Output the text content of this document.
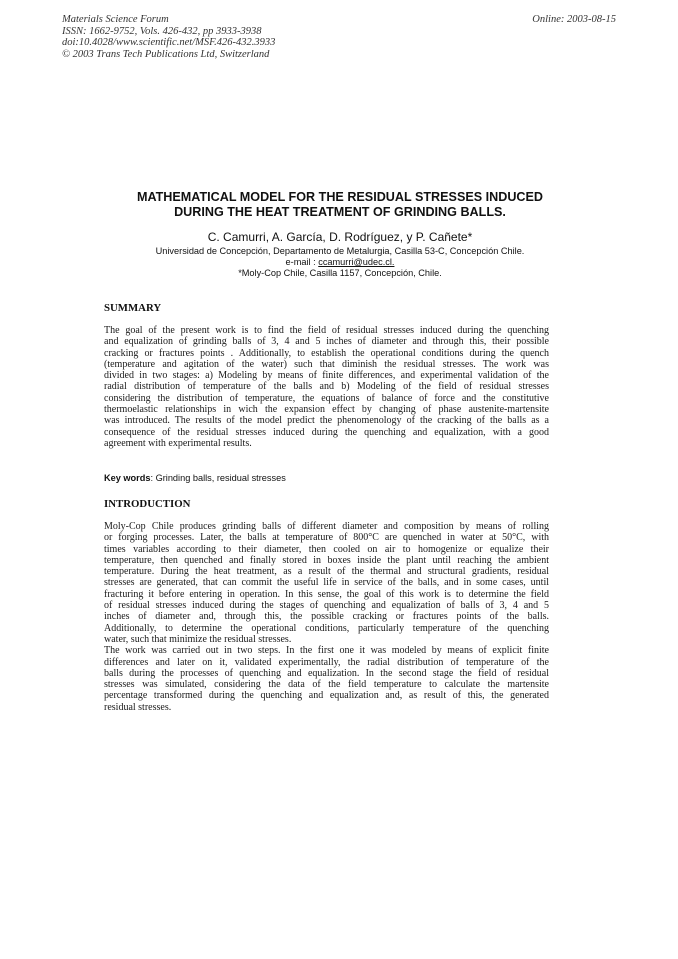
Materials Science Forum
ISSN: 1662-9752, Vols. 426-432, pp 3933-3938
doi:10.4028/www.scientific.net/MSF.426-432.3933
© 2003 Trans Tech Publications Ltd, Switzerland
Online: 2003-08-15
MATHEMATICAL MODEL FOR THE RESIDUAL STRESSES INDUCED
DURING THE HEAT TREATMENT OF GRINDING BALLS.
C. Camurri, A. García, D. Rodríguez, y P. Cañete*
Universidad de Concepción, Departamento de Metalurgia, Casilla 53-C, Concepción Chile.
e-mail : ccamurri@udec.cl.
*Moly-Cop Chile, Casilla 1157, Concepción, Chile.
SUMMARY
The goal of the present work is to find the field of residual stresses induced during the quenching
and equalization of grinding balls of 3, 4 and 5 inches of diameter and through this, their possible
cracking or fractures points . Additionally, to establish the operational conditions during the quench
(temperature and agitation of the water) such that diminish the residual stresses. The work was
divided in two stages: a) Modeling by means of finite differences, and experimental validation of the
radial distribution of temperature of the balls and b) Modeling of the field of residual stresses
considering the distribution of temperature, the equations of balance of force and the constitutive
thermoelastic relationships in wich the expansion effect by changing of phase austenite-martensite
was introduced. The results of the model predict the phenomenology of the cracking of the balls as a
consequence of the residual stresses induced during the quenching and equalization, with a good
agreement with experimental results.
Key words: Grinding balls, residual stresses
INTRODUCTION
Moly-Cop Chile produces grinding balls of different diameter and composition by means of rolling
or forging processes. Later, the balls at temperature of 800°C are quenched in water at 50°C, with
times variables according to their diameter, then cooled on air to homogenize or equalize their
temperature, then quenched and finally stored in boxes inside the plant until reaching the ambient
temperature. During the heat treatment, as a result of the thermal and structural gradients, residual
stresses are generated, that can commit the useful life in service of the balls, and in some cases, until
fracturing it before entering in operation. In this sense, the goal of this work is to determine the field
of residual stresses induced during the stages of quenching and equalization of balls of 3, 4 and 5
inches of diameter and, through this, the possible cracking or fractures points of the balls.
Additionally, to determine the operational conditions, particularly temperature of the quenching
water, such that minimize the residual stresses.
The work was carried out in two steps. In the first one it was modeled by means of explicit finite
differences and later on it, validated experimentally, the radial distribution of temperature of the
balls during the processes of quenching and equalization. In the second stage the field of residual
stresses was simulated, considering the data of the field temperature to calculate the martensite
percentage transformed during the quenching and equalization and, as result of this, the generated
residual stresses.
